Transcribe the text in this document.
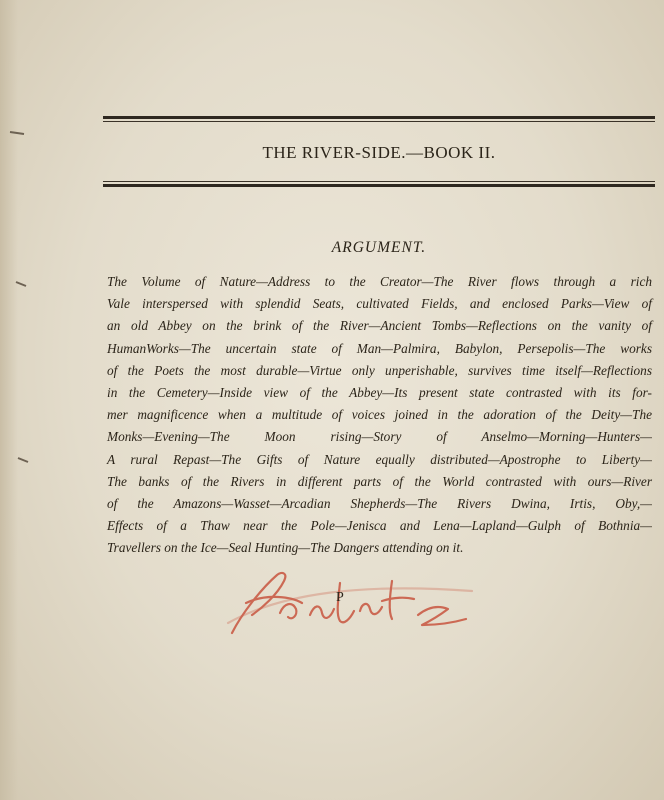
THE RIVER-SIDE.—BOOK II.
ARGUMENT.
The Volume of Nature—Address to the Creator—The River flows through a rich
Vale interspersed with splendid Seats, cultivated Fields, and enclosed Parks—View of
an old Abbey on the brink of the River—Ancient Tombs—Reflections on the vanity of
HumanWorks—The uncertain state of Man—Palmira, Babylon, Persepolis—The works
of the Poets the most durable—Virtue only unperishable, survives time itself—Reflections
in the Cemetery—Inside view of the Abbey—Its present state contrasted with its for-
mer magnificence when a multitude of voices joined in the adoration of the Deity—The
Monks—Evening—The Moon rising—Story of Anselmo—Morning—Hunters—
A rural Repast—The Gifts of Nature equally distributed—Apostrophe to Liberty—
The banks of the Rivers in different parts of the World contrasted with ours—River
of the Amazons—Wasset—Arcadian Shepherds—The Rivers Dwina, Irtis, Oby,—
Effects of a Thaw near the Pole—Jenisca and Lena—Lapland—Gulph of Bothnia—
Travellers on the Ice—Seal Hunting—The Dangers attending on it.
P
